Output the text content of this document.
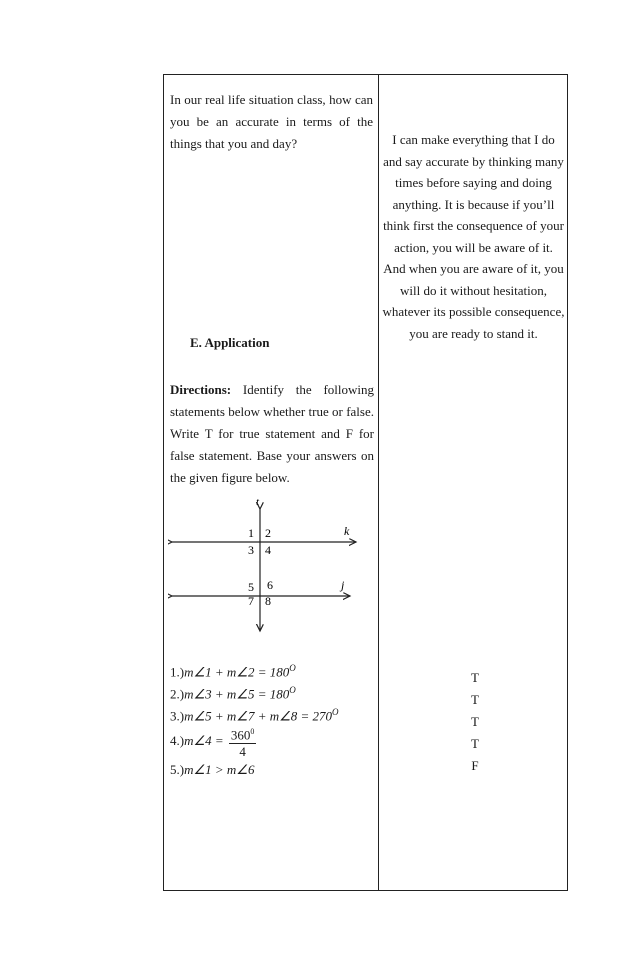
In our real life situation class, how can you be an accurate in terms of the things that you and day?

E. Application
Directions: Identify the following statements below whether true or false. Write T for true statement and F for false statement. Base your answers on the given figure below.
t
k
j
1 2
3 4
5 6
7 8
1.)m∠1 + m∠2 = $180^O$
2.)m∠3 + m∠5 = $180^O$
3.)m∠5 + m∠7 + m∠8 = $270^O$
4.)m∠4 = $\frac{360^0}{4}$
5.)m∠1 > m∠6
I can make everything that I do and say accurate by thinking many times before saying and doing anything. It is because if you’ll think first the consequence of your action, you will be aware of it. And when you are aware of it, you will do it without hesitation, whatever its possible consequence, you are ready to stand it.
T
T
T
T
F
